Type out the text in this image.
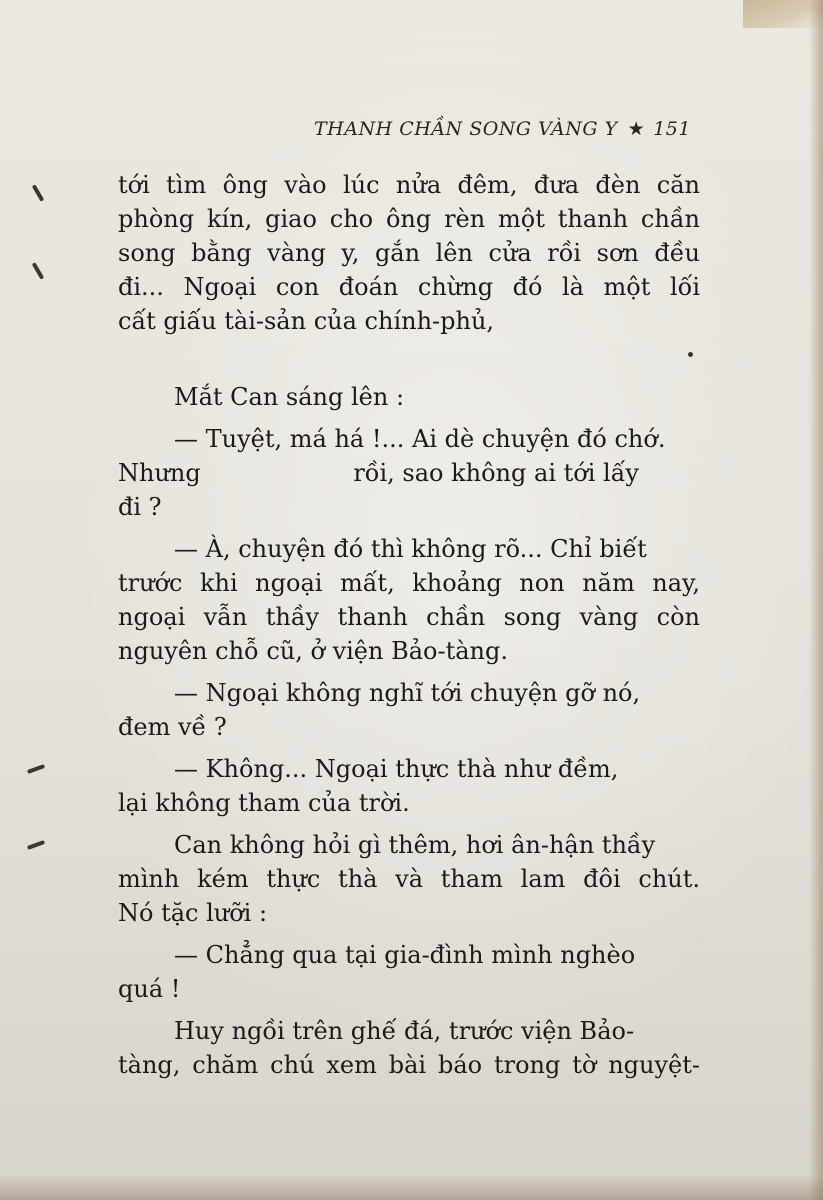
THANH CHẦN SONG VÀNG Y ★ 151
tới tìm ông vào lúc nửa đêm, đưa đèn căn
phòng kín, giao cho ông rèn một thanh chần
song bằng vàng y, gắn lên cửa rồi sơn đều
đi... Ngoại con đoán chừng đó là một lối
cất giấu tài-sản của chính-phủ,
Mắt Can sáng lên :
— Tuyệt, má há !... Ai dè chuyện đó chớ.
Nhưng                    rồi, sao không ai tới lấy
đi ?
— À, chuyện đó thì không rõ... Chỉ biết
trước khi ngoại mất, khoảng non năm nay,
ngoại vẫn thầy thanh chần song vàng còn
nguyên chỗ cũ, ở viện Bảo-tàng.
— Ngoại không nghĩ tới chuyện gỡ nó,
đem về ?
— Không... Ngoại thực thà như đềm,
lại không tham của trời.
Can không hỏi gì thêm, hơi ân-hận thầy
mình kém thực thà và tham lam đôi chút.
Nó tặc lưỡi :
— Chẳng qua tại gia-đình mình nghèo
quá !
Huy ngồi trên ghế đá, trước viện Bảo-
tàng, chăm chú xem bài báo trong tờ nguyệt-
